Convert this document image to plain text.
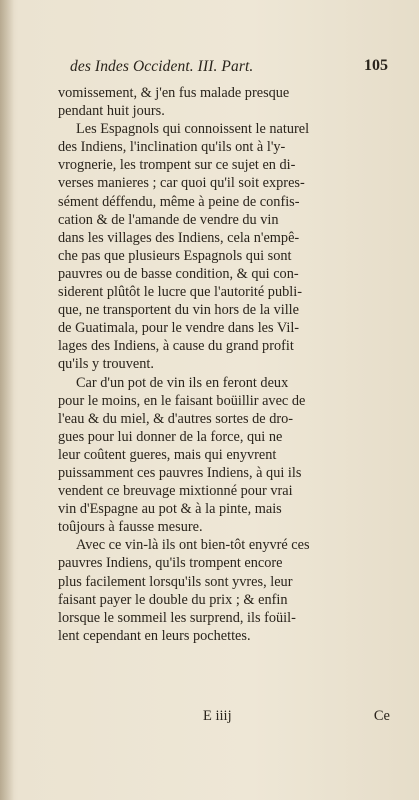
des Indes Occident. III. Part.	105
vomissement, & j'en fus malade presque
pendant huit jours.
Les Espagnols qui connoissent le naturel
des Indiens, l'inclination qu'ils ont à l'y-
vrognerie, les trompent sur ce sujet en di-
verses manieres ; car quoi qu'il soit expres-
sément déffendu, même à peine de confis-
cation & de l'amande de vendre du vin
dans les villages des Indiens, cela n'empê-
che pas que plusieurs Espagnols qui sont
pauvres ou de basse condition, & qui con-
siderent plûtôt le lucre que l'autorité publi-
que, ne transportent du vin hors de la ville
de Guatimala, pour le vendre dans les Vil-
lages des Indiens, à cause du grand profit
qu'ils y trouvent.
Car d'un pot de vin ils en feront deux
pour le moins, en le faisant boüillir avec de
l'eau & du miel, & d'autres sortes de dro-
gues pour lui donner de la force, qui ne
leur coûtent gueres, mais qui enyvrent
puissamment ces pauvres Indiens, à qui ils
vendent ce breuvage mixtionné pour vrai
vin d'Espagne au pot & à la pinte, mais
toûjours à fausse mesure.
Avec ce vin-là ils ont bien-tôt enyvré ces
pauvres Indiens, qu'ils trompent encore
plus facilement lorsqu'ils sont yvres, leur
faisant payer le double du prix ; & enfin
lorsque le sommeil les surprend, ils foüil-
lent cependant en leurs pochettes.
E iiij	Ce
